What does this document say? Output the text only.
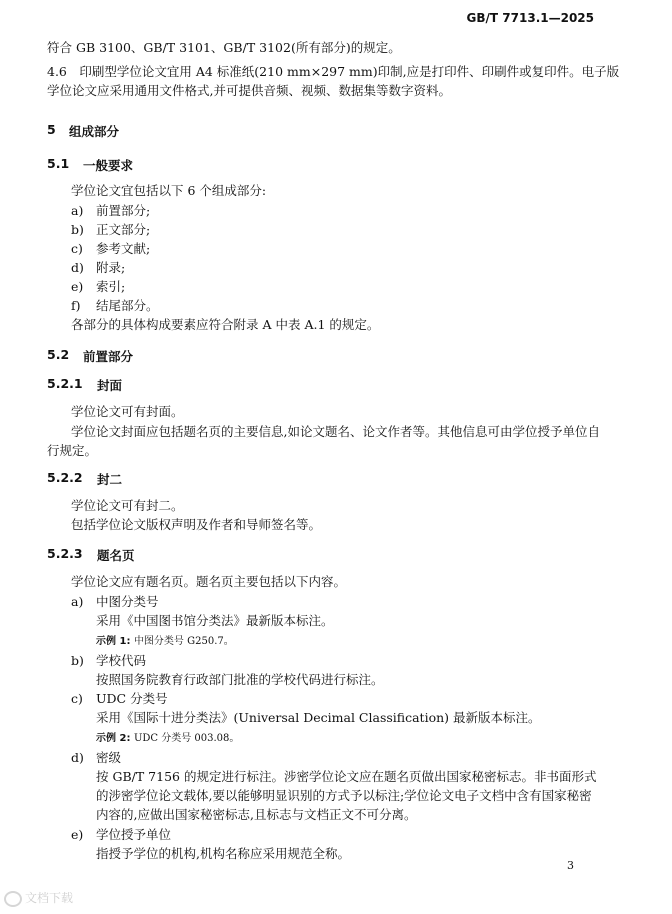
GB/T 7713.1—2025
符合 GB 3100、GB/T 3101、GB/T 3102(所有部分)的规定。
4.6　印刷型学位论文宜用 A4 标准纸(210 mm×297 mm)印制,应是打印件、印刷件或复印件。电子版
学位论文应采用通用文件格式,并可提供音频、视频、数据集等数字资料。
5 组成部分
5.1 一般要求
学位论文宜包括以下 6 个组成部分:
a) 前置部分;
b) 正文部分;
c) 参考文献;
d) 附录;
e) 索引;
f) 结尾部分。
各部分的具体构成要素应符合附录 A 中表 A.1 的规定。
5.2 前置部分
5.2.1 封面
学位论文可有封面。
学位论文封面应包括题名页的主要信息,如论文题名、论文作者等。其他信息可由学位授予单位自
行规定。
5.2.2 封二
学位论文可有封二。
包括学位论文版权声明及作者和导师签名等。
5.2.3 题名页
学位论文应有题名页。题名页主要包括以下内容。
a) 中图分类号
采用《中国图书馆分类法》最新版本标注。
示例 1: 中图分类号 G250.7。
b) 学校代码
按照国务院教育行政部门批准的学校代码进行标注。
c) UDC 分类号
采用《国际十进分类法》(Universal Decimal Classification) 最新版本标注。
示例 2: UDC 分类号 003.08。
d) 密级
按 GB/T 7156 的规定进行标注。涉密学位论文应在题名页做出国家秘密标志。非书面形式
的涉密学位论文载体,要以能够明显识别的方式予以标注;学位论文电子文档中含有国家秘密
内容的,应做出国家秘密标志,且标志与文档正文不可分离。
e) 学位授予单位
指授予学位的机构,机构名称应采用规范全称。
3
文档下载
